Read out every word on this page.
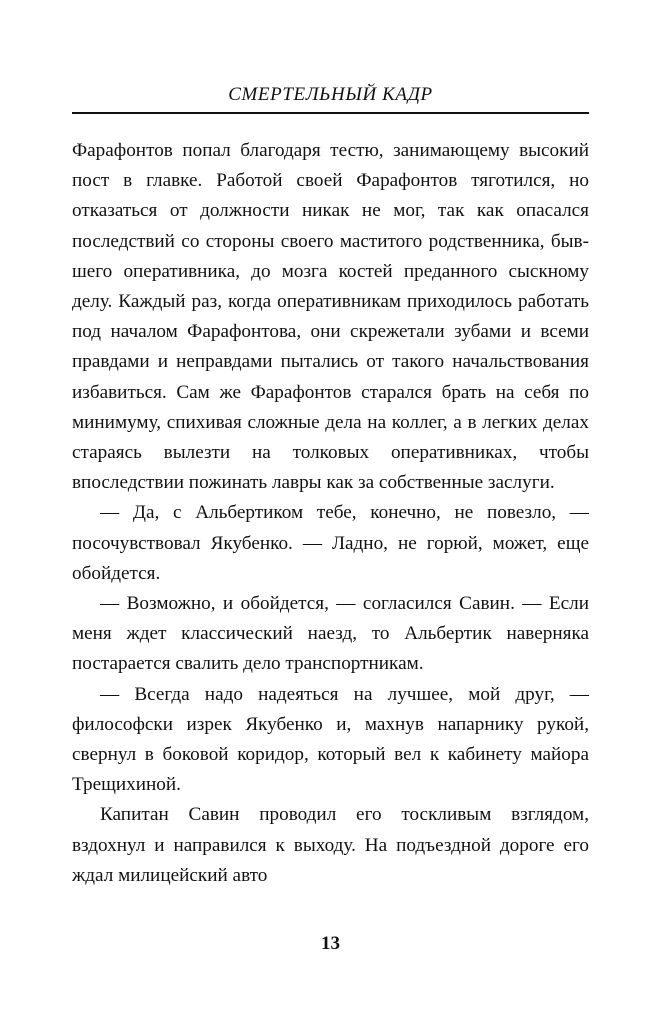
СМЕРТЕЛЬНЫЙ КАДР

Фарафонтов попал благодаря тестю, занимающему высокий пост в главке. Работой своей Фарафонтов тяготился, но отказаться от должности никак не мог, так как опасался последствий со стороны своего маститого родственника, бывшего оперативника, до мозга костей преданного сыскному делу. Каждый раз, когда оперативникам приходилось работать под началом Фарафонтова, они скрежетали зубами и всеми правдами и неправдами пытались от такого начальствования избавиться. Сам же Фарафонтов старался брать на себя по минимуму, спихивая сложные дела на коллег, а в легких делах стараясь вылезти на толковых оперативниках, чтобы впоследствии пожинать лавры как за собственные заслуги.

— Да, с Альбертиком тебе, конечно, не повезло, — посочувствовал Якубенко. — Ладно, не горюй, может, еще обойдется.

— Возможно, и обойдется, — согласился Савин. — Если меня ждет классический наезд, то Альбертик наверняка постарается свалить дело транспортникам.

— Всегда надо надеяться на лучшее, мой друг, — философски изрек Якубенко и, махнув напарнику рукой, свернул в боковой коридор, который вел к кабинету майора Трещихиной.

Капитан Савин проводил его тоскливым взглядом, вздохнул и направился к выходу. На подъездной дороге его ждал милицейский авто

13
